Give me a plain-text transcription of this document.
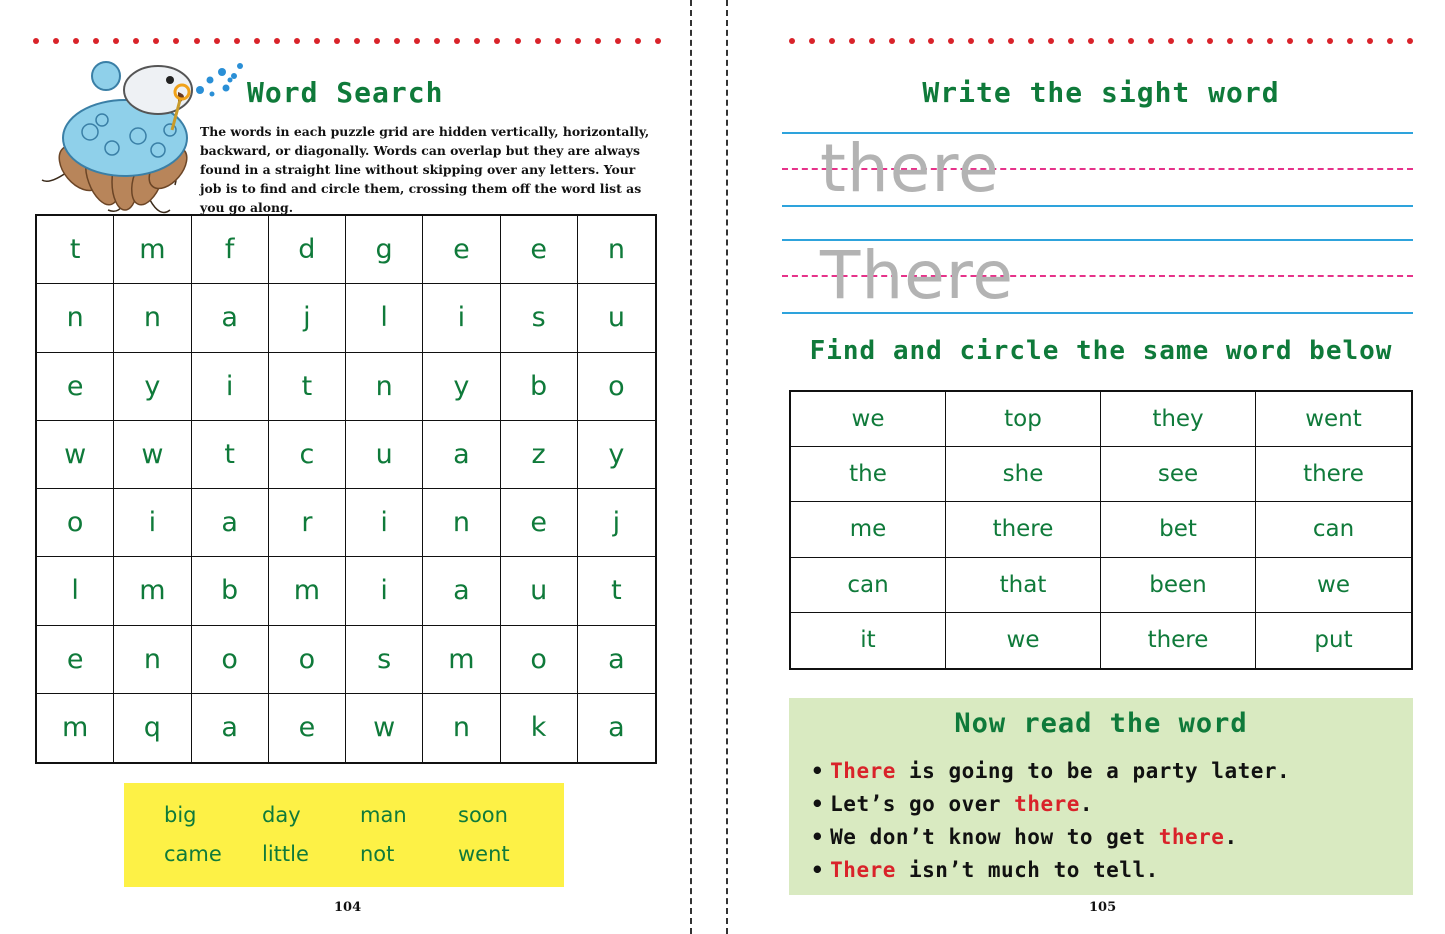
Word Search

The words in each puzzle grid are hidden vertically, horizontally, backward, or diagonally. Words can overlap but they are always found in a straight line without skipping over any letters. Your job is to find and circle them, crossing them off the word list as you go along.

t	m	f	d	g	e	e	n
n	n	a	j	l	i	s	u
e	y	i	t	n	y	b	o
w	w	t	c	u	a	z	y
o	i	a	r	i	n	e	j
l	m	b	m	i	a	u	t
e	n	o	o	s	m	o	a
m	q	a	e	w	n	k	a
big	day	man	soon
came	little	not	went
104
Write the sight word
there
There
Find and circle the same word below
we	top	they	went
the	she	see	there
me	there	bet	can
can	that	been	we
it	we	there	put
Now read the word
• There is going to be a party later.
• Let’s go over there.
• We don’t know how to get there.
• There isn’t much to tell.
105
